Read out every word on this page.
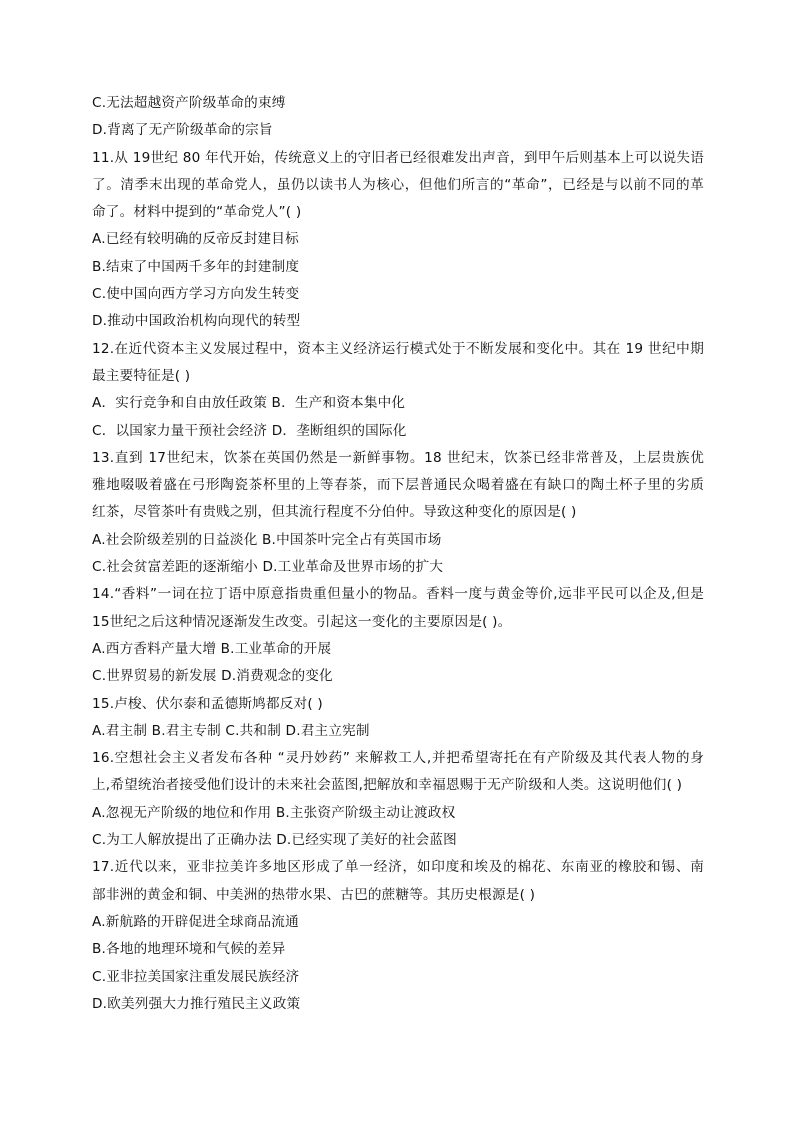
C.无法超越资产阶级革命的束缚
D.背离了无产阶级革命的宗旨
11.从 19世纪 80 年代开始，传统意义上的守旧者已经很难发出声音，到甲午后则基本上可以说失语
了。清季末出现的革命党人，虽仍以读书人为核心，但他们所言的“革命”，已经是与以前不同的革
命了。材料中提到的“革命党人”( )
A.已经有较明确的反帝反封建目标
B.结束了中国两千多年的封建制度
C.使中国向西方学习方向发生转变
D.推动中国政治机构向现代的转型
12.在近代资本主义发展过程中，资本主义经济运行模式处于不断发展和变化中。其在 19 世纪中期
最主要特征是( )
A．实行竞争和自由放任政策 B．生产和资本集中化
C．以国家力量干预社会经济 D．垄断组织的国际化
13.直到 17世纪末，饮茶在英国仍然是一新鲜事物。18 世纪末，饮茶已经非常普及，上层贵族优
雅地啜吸着盛在弓形陶瓷茶杯里的上等春茶，而下层普通民众喝着盛在有缺口的陶土杯子里的劣质
红茶，尽管茶叶有贵贱之别，但其流行程度不分伯仲。导致这种变化的原因是( )
A.社会阶级差别的日益淡化 B.中国茶叶完全占有英国市场
C.社会贫富差距的逐渐缩小 D.工业革命及世界市场的扩大
14.“香料”一词在拉丁语中原意指贵重但量小的物品。香料一度与黄金等价,远非平民可以企及,但是
15世纪之后这种情况逐渐发生改变。引起这一变化的主要原因是( )。
A.西方香料产量大增 B.工业革命的开展
C.世界贸易的新发展 D.消费观念的变化
15.卢梭、伏尔泰和孟德斯鸠都反对( )
A.君主制 B.君主专制 C.共和制 D.君主立宪制
16.空想社会主义者发布各种 “灵丹妙药” 来解救工人,并把希望寄托在有产阶级及其代表人物的身
上,希望统治者接受他们设计的未来社会蓝图,把解放和幸福恩赐于无产阶级和人类。这说明他们( )
A.忽视无产阶级的地位和作用 B.主张资产阶级主动让渡政权
C.为工人解放提出了正确办法 D.已经实现了美好的社会蓝图
17.近代以来，亚非拉美许多地区形成了单一经济，如印度和埃及的棉花、东南亚的橡胶和锡、南
部非洲的黄金和铜、中美洲的热带水果、古巴的蔗糖等。其历史根源是( )
A.新航路的开辟促进全球商品流通
B.各地的地理环境和气候的差异
C.亚非拉美国家注重发展民族经济
D.欧美列强大力推行殖民主义政策
